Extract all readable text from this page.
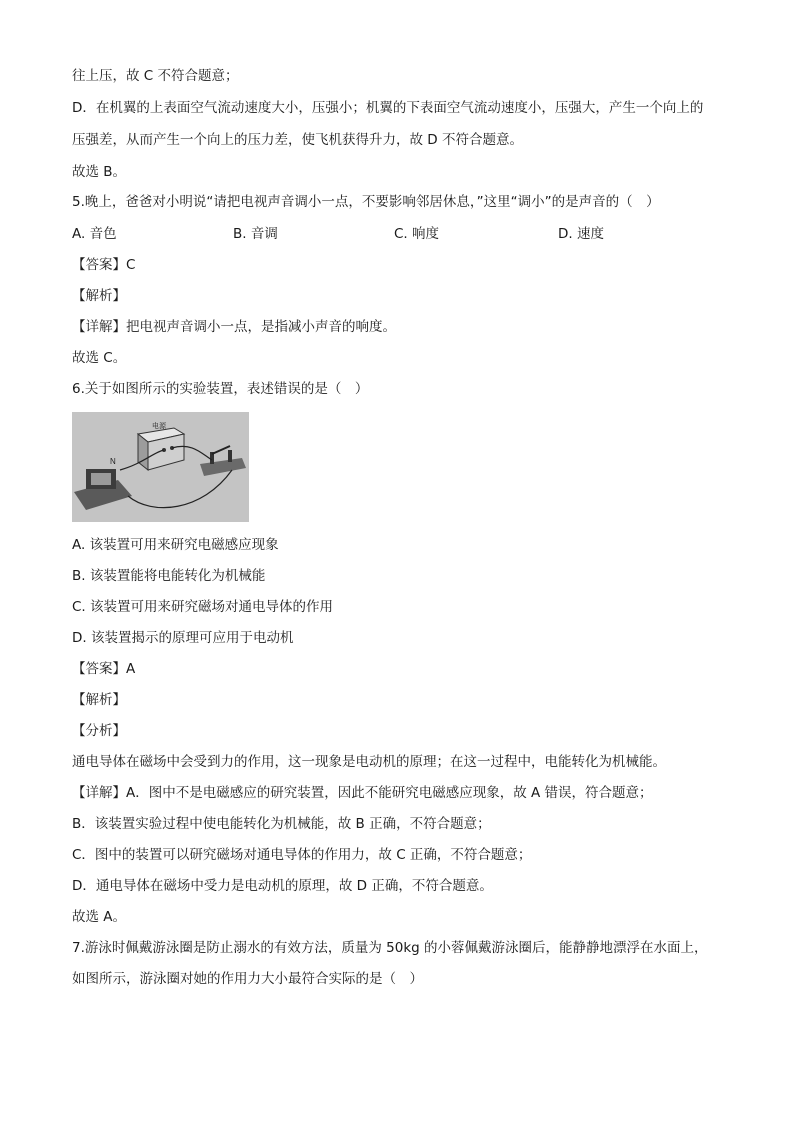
往上压，故 C 不符合题意；
D．在机翼的上表面空气流动速度大小，压强小；机翼的下表面空气流动速度小，压强大，产生一个向上的
压强差，从而产生一个向上的压力差，使飞机获得升力，故 D 不符合题意。
故选 B。
5.晚上，爸爸对小明说“请把电视声音调小一点，不要影响邻居休息，”这里“调小”的是声音的（　）
A. 音色	B. 音调	C. 响度	D. 速度
【答案】C
【解析】
【详解】把电视声音调小一点，是指减小声音的响度。
故选 C。
6.关于如图所示的实验装置，表述错误的是（　）
N
电源
A. 该装置可用来研究电磁感应现象
B. 该装置能将电能转化为机械能
C. 该装置可用来研究磁场对通电导体的作用
D. 该装置揭示的原理可应用于电动机
【答案】A
【解析】
【分析】
通电导体在磁场中会受到力的作用，这一现象是电动机的原理；在这一过程中，电能转化为机械能。
【详解】A．图中不是电磁感应的研究装置，因此不能研究电磁感应现象，故 A 错误，符合题意；
B．该装置实验过程中使电能转化为机械能，故 B 正确，不符合题意；
C．图中的装置可以研究磁场对通电导体的作用力，故 C 正确，不符合题意；
D．通电导体在磁场中受力是电动机的原理，故 D 正确，不符合题意。
故选 A。
7.游泳时佩戴游泳圈是防止溺水的有效方法，质量为 50kg 的小蓉佩戴游泳圈后，能静静地漂浮在水面上，
如图所示，游泳圈对她的作用力大小最符合实际的是（　）
